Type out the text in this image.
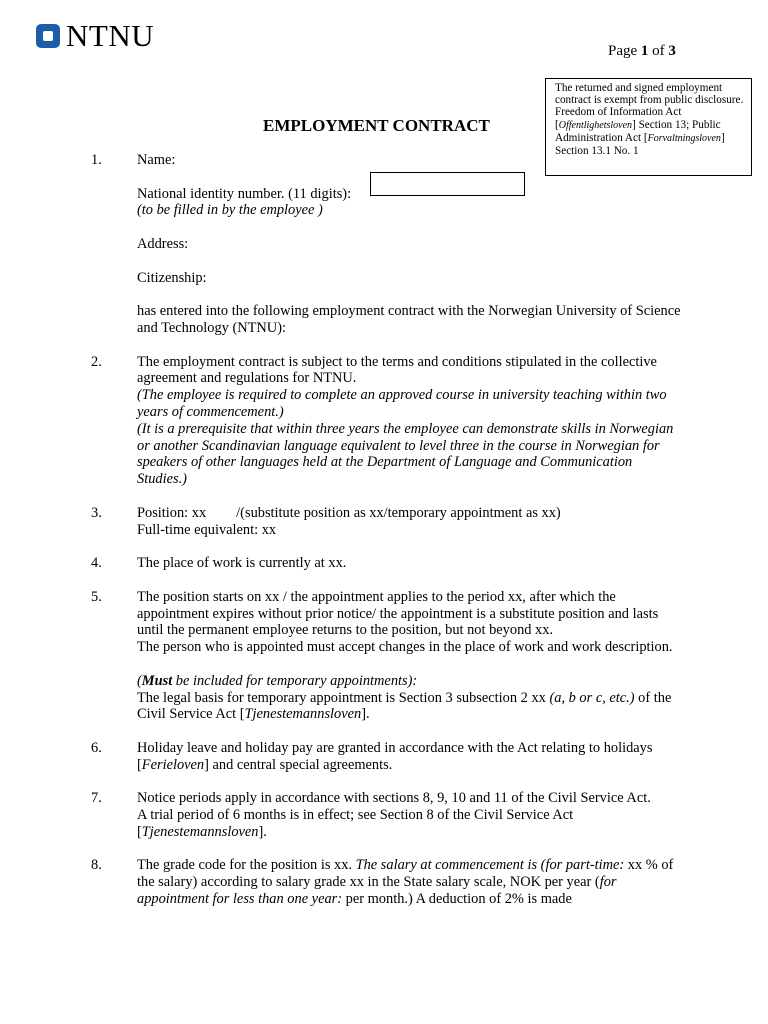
NTNU	Page 1 of 3
The returned and signed employment contract is exempt from public disclosure. Freedom of Information Act [Offentlighetsloven] Section 13; Public Administration Act [Forvaltningsloven] Section 13.1 No. 1
EMPLOYMENT CONTRACT
1.	Name:

National identity number. (11 digits):
(to be filled in by the employee )

Address:

Citizenship:

has entered into the following employment contract with the Norwegian University of Science and Technology (NTNU):

2.	The employment contract is subject to the terms and conditions stipulated in the collective agreement and regulations for NTNU.
(The employee is required to complete an approved course in university teaching within two years of commencement.)
(It is a prerequisite that within three years the employee can demonstrate skills in Norwegian or another Scandinavian language equivalent to level three in the course in Norwegian for speakers of other languages held at the Department of Language and Communication Studies.)

3.	Position: xx /(substitute position as xx/temporary appointment as xx)
Full-time equivalent: xx

4.	The place of work is currently at xx.

5.	The position starts on xx / the appointment applies to the period xx, after which the appointment expires without prior notice/ the appointment is a substitute position and lasts until the permanent employee returns to the position, but not beyond xx.
The person who is appointed must accept changes in the place of work and work description.

(Must be included for temporary appointments):
The legal basis for temporary appointment is Section 3 subsection 2 xx (a, b or c, etc.) of the Civil Service Act [Tjenestemannsloven].

6.	Holiday leave and holiday pay are granted in accordance with the Act relating to holidays [Ferieloven] and central special agreements.

7.	Notice periods apply in accordance with sections 8, 9, 10 and 11 of the Civil Service Act.
A trial period of 6 months is in effect; see Section 8 of the Civil Service Act [Tjenestemannsloven].

8.	The grade code for the position is xx. The salary at commencement is (for part-time: xx % of the salary) according to salary grade xx in the State salary scale, NOK per year (for appointment for less than one year: per month.) A deduction of 2% is made
